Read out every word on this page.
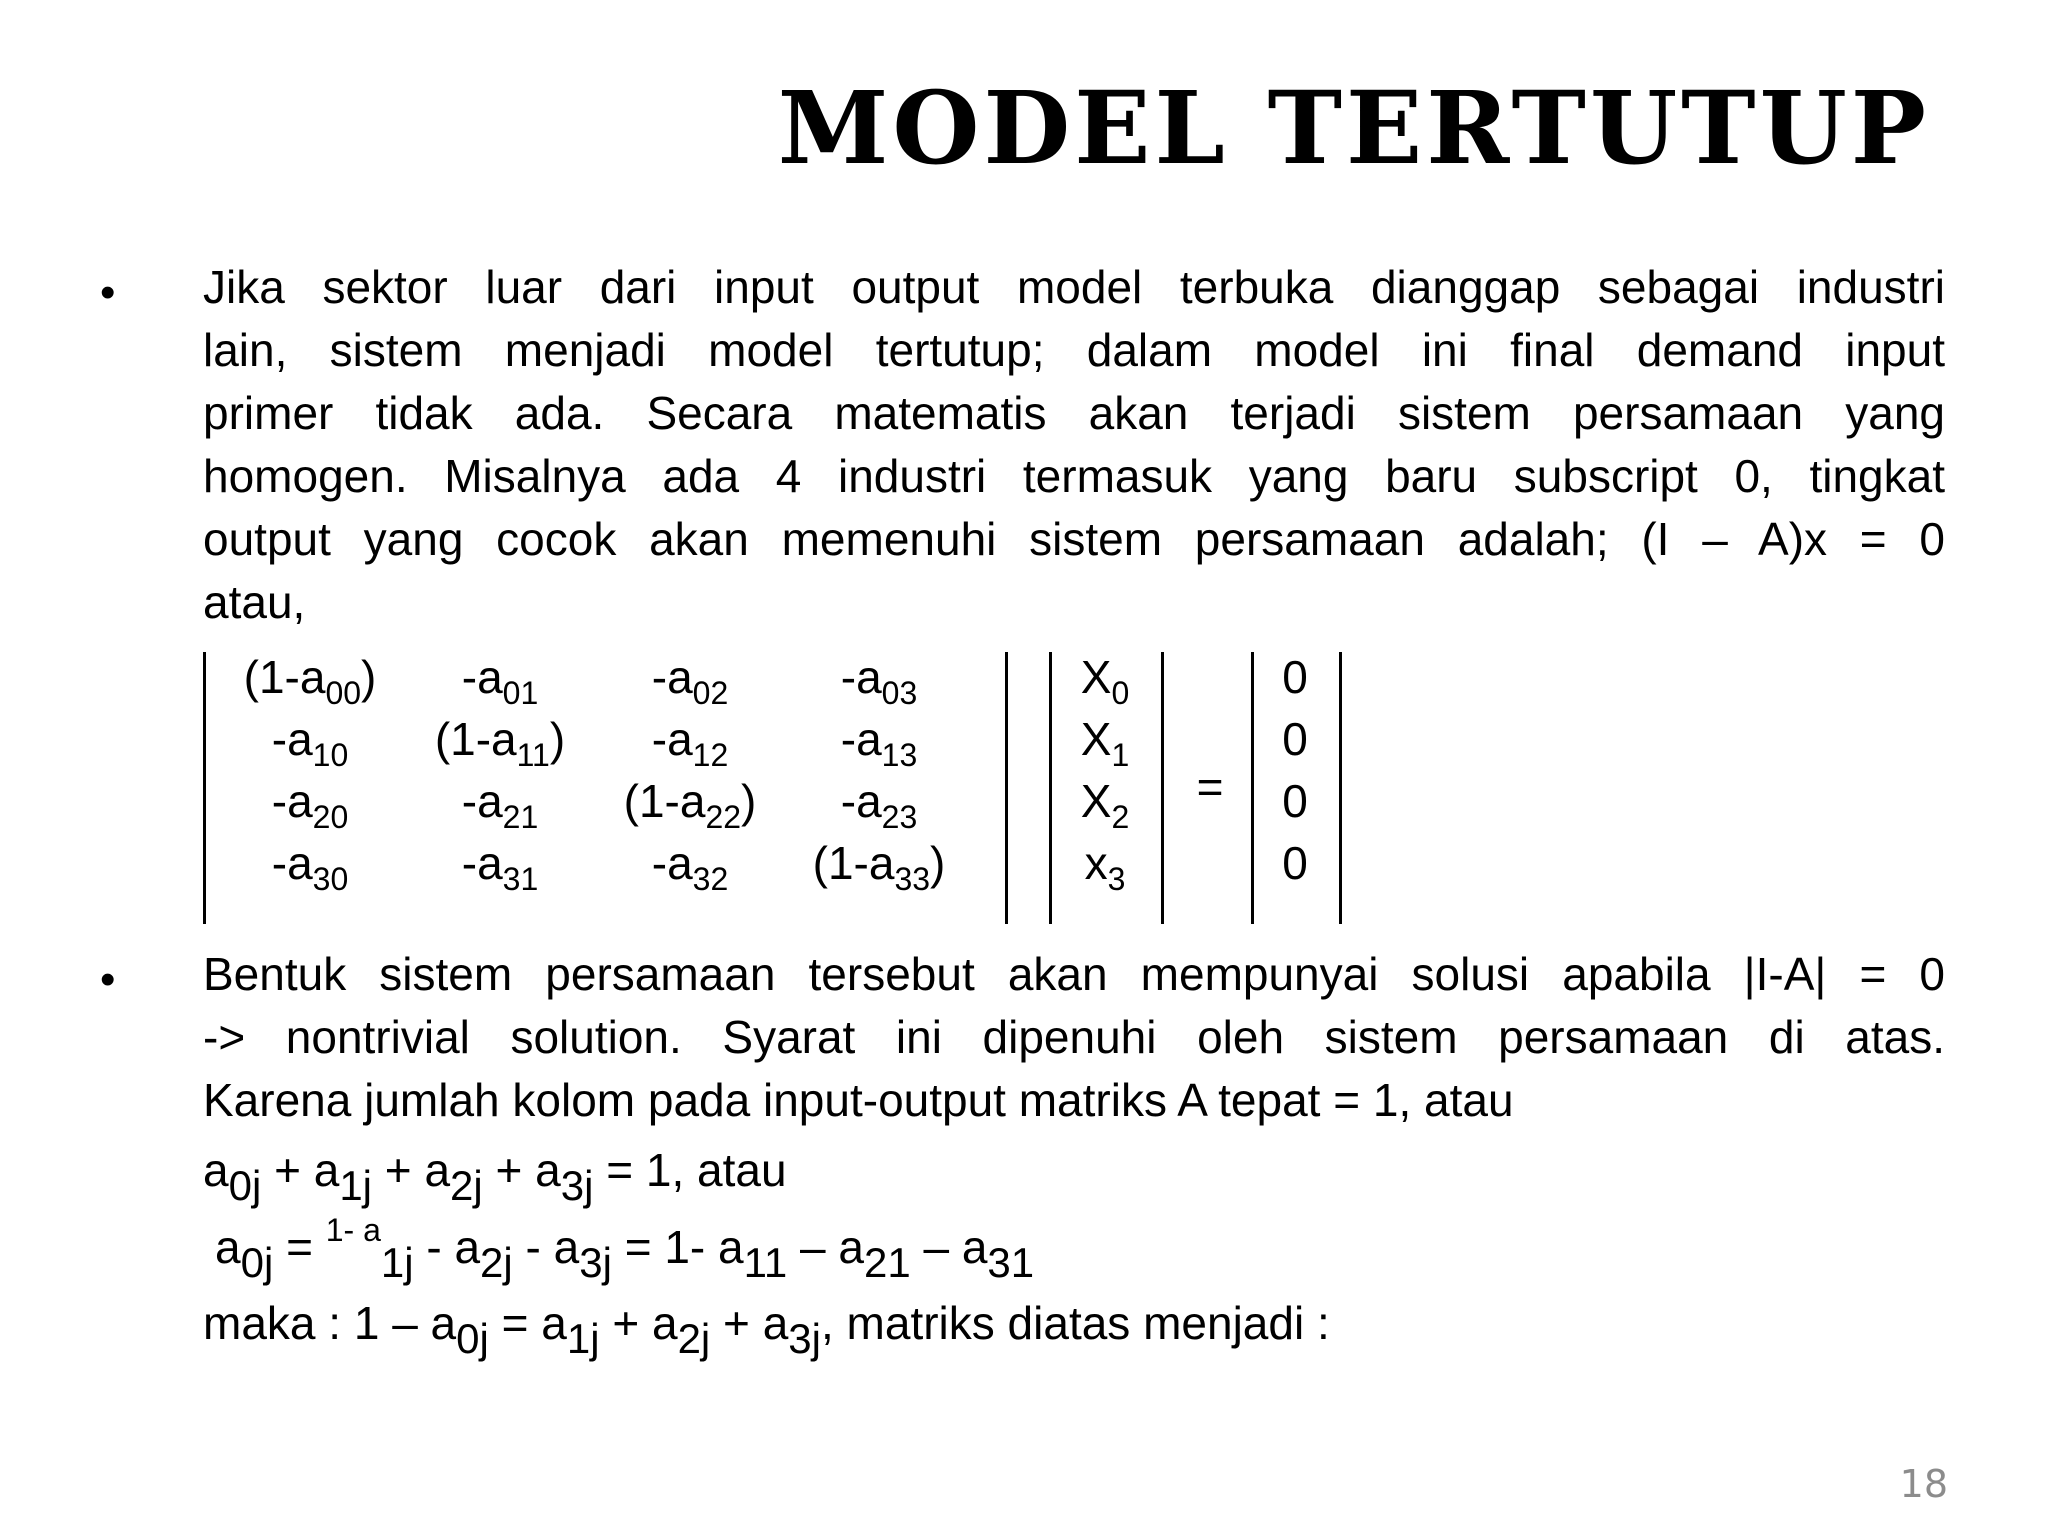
MODEL TERTUTUP
• Jika sektor luar dari input output model terbuka dianggap sebagai industri
lain, sistem menjadi model tertutup; dalam model ini final demand input
primer tidak ada. Secara matematis akan terjadi sistem persamaan yang
homogen. Misalnya ada 4 industri termasuk yang baru subscript 0, tingkat
output yang cocok akan memenuhi sistem persamaan adalah; (I – A)x = 0
atau,
=
$(1-a_{00})$ $-a_{01}$ $-a_{02}$ $-a_{03}$
$-a_{10}$ $(1-a_{11})$ $-a_{12}$ $-a_{13}$
$-a_{20}$ $-a_{21}$ $(1-a_{22})$ $-a_{23}$
$-a_{30}$ $-a_{31}$ $-a_{32}$ $(1-a_{33})$
$X_0$
$X_1$
$X_2$
$x_3$
0
0
0
0
• Bentuk sistem persamaan tersebut akan mempunyai solusi apabila |I-A| = 0
-> nontrivial solution. Syarat ini dipenuhi oleh sistem persamaan di atas.
Karena jumlah kolom pada input-output matriks A tepat = 1, atau
$a_{0j} + a_{1j} + a_{2j} + a_{3j} = 1$, atau
$a_{0j} = ^{1- a}_{1j} - a_{2j} - a_{3j} = 1-$ $a_{11} - a_{21} - a_{31}$
maka : $1 - a_{0j} = a_{1j} + a_{2j} + a_{3j}$, matriks diatas menjadi :
18
